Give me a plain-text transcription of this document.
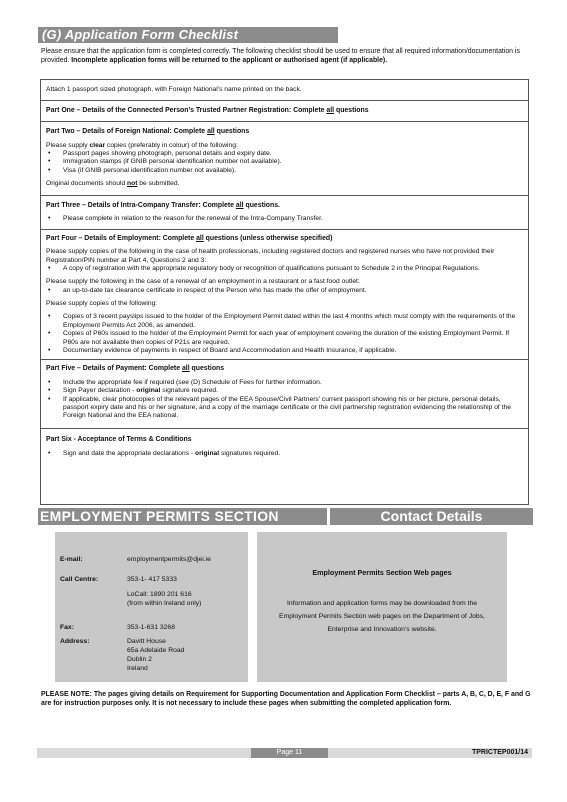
(G) Application Form Checklist
Please ensure that the application form is completed correctly. The following checklist should be used to ensure that all required information/documentation is provided. Incomplete application forms will be returned to the applicant or authorised agent (if applicable).
Attach 1 passport sized photograph, with Foreign National’s name printed on the back.
Part One – Details of the Connected Person’s Trusted Partner Registration: Complete all questions
Part Two – Details of Foreign National: Complete all questions
Please supply clear copies (preferably in colour) of the following:
• Passport pages showing photograph, personal details and expiry date.
• Immigration stamps (if GNIB personal identification number not available).
• Visa (if GNIB personal identification number not available).
Original documents should not be submitted.
Part Three – Details of Intra-Company Transfer: Complete all questions.
• Please complete in relation to the reason for the renewal of the Intra-Company Transfer.
Part Four – Details of Employment: Complete all questions (unless otherwise specified)
Please supply copies of the following in the case of health professionals, including registered doctors and registered nurses who have not provided their Registration/PIN number at Part 4, Questions 2 and 3:
• A copy of registration with the appropriate regulatory body or recognition of qualifications pursuant to Schedule 2 in the Principal Regulations.
Please supply the following in the case of a renewal of an employment in a restaurant or a fast food outlet:
• an up-to-date tax clearance certificate in respect of the Person who has made the offer of employment.
Please supply copies of the following:
• Copies of 3 recent payslips issued to the holder of the Employment Permit dated within the last 4 months which must comply with the requirements of the Employment Permits Act 2006, as amended.
• Copies of P60s issued to the holder of the Employment Permit for each year of employment covering the duration of the existing Employment Permit. If P60s are not available then copies of P21s are required.
• Documentary evidence of payments in respect of Board and Accommodation and Health Insurance, if applicable.
Part Five – Details of Payment: Complete all questions
• Include the appropriate fee if required (see (D) Schedule of Fees for further information.
• Sign Payer declaration - original signature required.
• If applicable, clear photocopies of the relevant pages of the EEA Spouse/Civil Partners’ current passport showing his or her picture, personal details, passport expiry date and his or her signature, and a copy of the marriage certificate or the civil partnership registration evidencing the relationship of the Foreign National and the EEA national.
Part Six - Acceptance of Terms & Conditions
• Sign and date the appropriate declarations - original signatures required.
EMPLOYMENT PERMITS SECTION	Contact Details
E-mail:	employmentpermits@djei.ie
Call Centre:	353-1- 417 5333
LoCall: 1890 201 616
(from within Ireland only)
Fax:	353-1-631 3268
Address:	Davitt House
65a Adelaide Road
Dublin 2
Ireland
Employment Permits Section Web pages
Information and application forms may be downloaded from the
Employment Permits Section web pages on the Department of Jobs,
Enterprise and Innovation’s website.
PLEASE NOTE: The pages giving details on Requirement for Supporting Documentation and Application Form Checklist – parts A, B, C, D, E, F and G are for instruction purposes only. It is not necessary to include these pages when submitting the completed application form.
Page 11	TPRICTEP001/14
